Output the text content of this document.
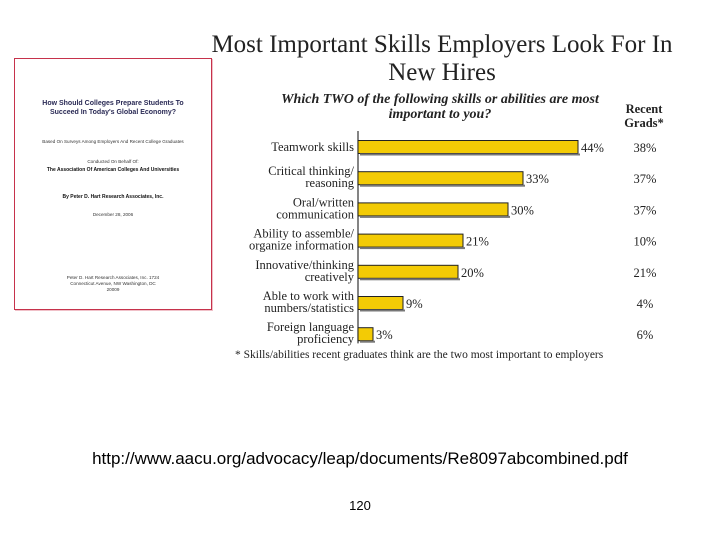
How Should Colleges Prepare Students To Succeed In Today's Global Economy?
Based On Surveys Among Employers And Recent College Graduates
Conducted On Behalf Of:
The Association Of American Colleges And Universities
By Peter D. Hart Research Associates, Inc.
December 28, 2006
Peter D. Hart Research Associates, Inc. 1724 Connecticut Avenue, NW Washington, DC 20009
Most Important Skills Employers Look For In New Hires
Which TWO of the following skills or abilities are most important to you?	Recent Grads*
Teamwork skills	44% 38%
Critical thinking/ reasoning	33%	37%
Oral/written communication	30%	37%
Ability to assemble/ organize information	21%	10%
Innovative/thinking creatively	20%	21%
Able to work with numbers/statistics	9%	4%
Foreign language proficiency 3%	6%
* Skills/abilities recent graduates think are the two most important to employers
http://www.aacu.org/advocacy/leap/documents/Re8097abcombined.pdf
120
